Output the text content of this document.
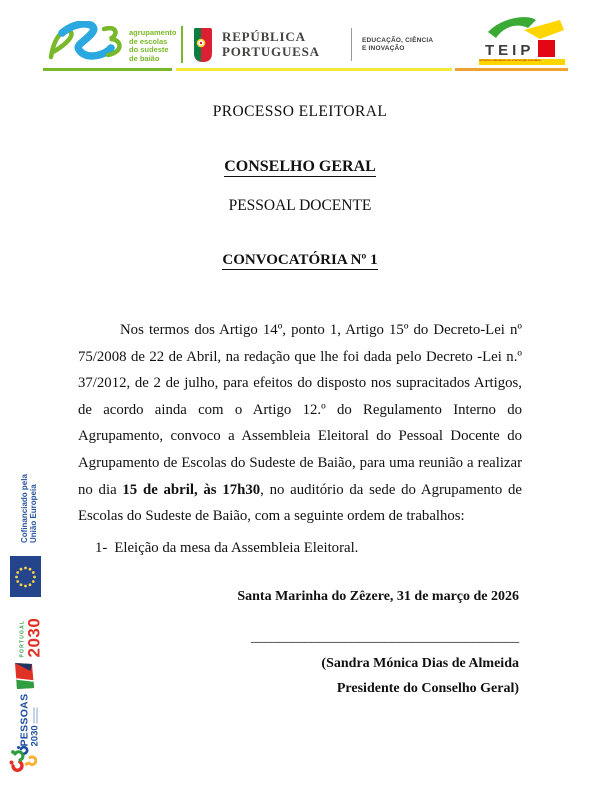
agrupamento
de escolas
do sudeste
de baião
REPÚBLICA
PORTUGUESA
EDUCAÇÃO, CIÊNCIA
E INOVAÇÃO	TEIP
territórios educativos de intervenção prioritária
Cofinanciado pela União Europeia
PORTUGAL 2030
PESSOAS 2030
PROCESSO ELEITORAL
CONSELHO GERAL
PESSOAL DOCENTE
CONVOCATÓRIA Nº 1
Nos termos dos Artigo 14º, ponto 1, Artigo 15º do Decreto-Lei nº 75/2008 de 22 de Abril, na redação que lhe foi dada pelo Decreto -Lei n.º 37/2012, de 2 de julho, para efeitos do disposto nos supracitados Artigos, de acordo ainda com o Artigo 12.º do Regulamento Interno do Agrupamento, convoco a Assembleia Eleitoral do Pessoal Docente do Agrupamento de Escolas do Sudeste de Baião, para uma reunião a realizar no dia 15 de abril, às 17h30, no auditório da sede do Agrupamento de Escolas do Sudeste de Baião, com a seguinte ordem de trabalhos:
1- Eleição da mesa da Assembleia Eleitoral.
Santa Marinha do Zêzere, 31 de março de 2026
________________________________________
(Sandra Mónica Dias de Almeida
Presidente do Conselho Geral)
